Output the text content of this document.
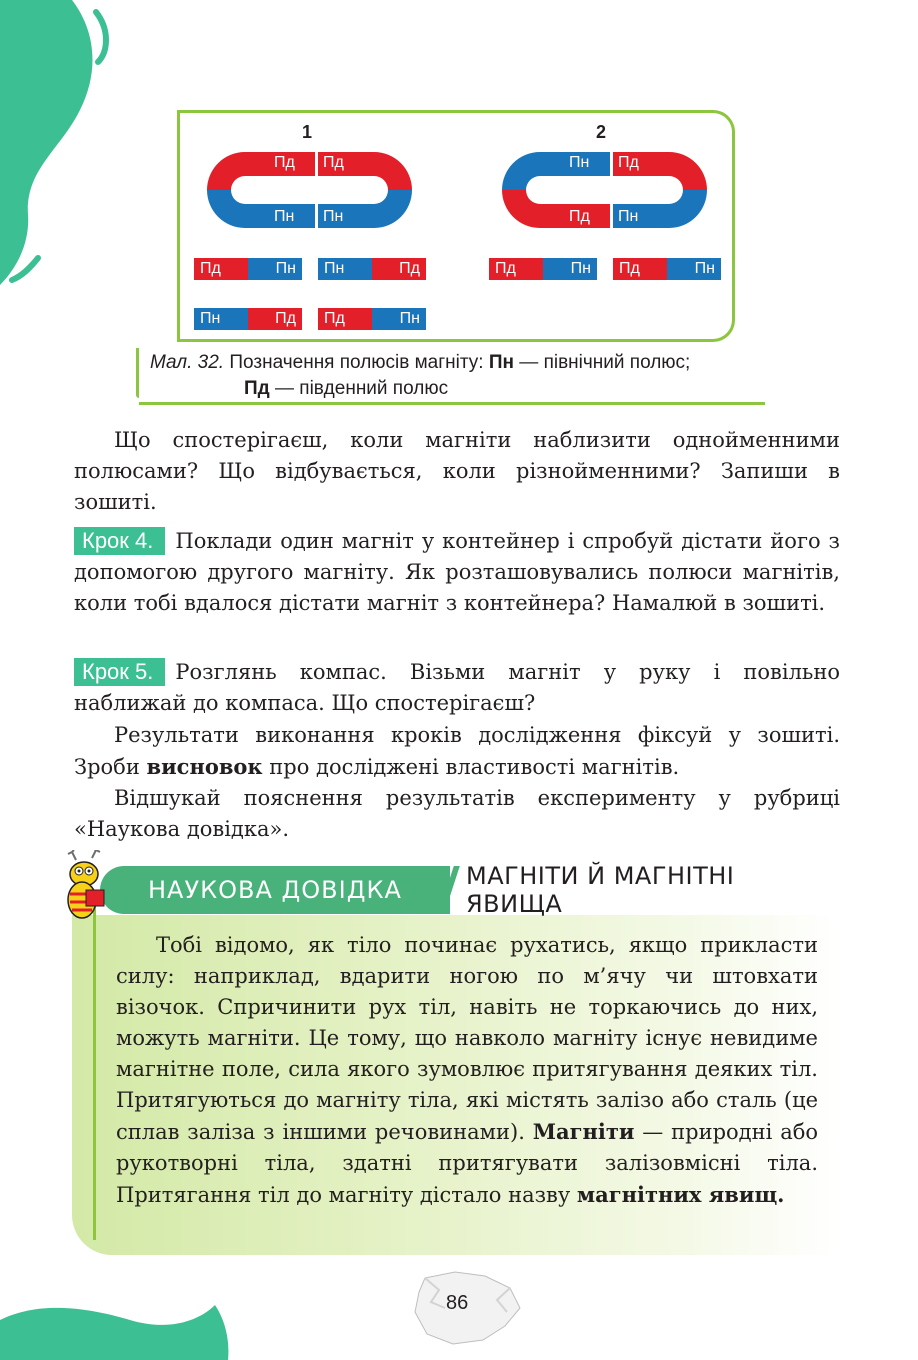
1	2
Пд
Пн
Пд
Пн
Пн
Пд
Пд
Пн
Пд	Пн	Пн	Пд
Пн	Пд	Пд	Пн
Пд	Пн	Пд	Пн
Мал. 32. Позначення полюсів магніту: Пн — північний полюс;
Пд — південний полюс

Що спостерігаєш, коли магніти наблизити однойменними полюсами? Що відбувається, коли різнойменними? Запиши в зошиті.

Крок 4. Поклади один магніт у контейнер і спробуй дістати його з допомогою другого магніту. Як розташовувались полюси магнітів, коли тобі вдалося дістати магніт з контейнера? Намалюй в зошиті.

Крок 5. Розглянь компас. Візьми магніт у руку і повільно наближай до компаса. Що спостерігаєш?

Результати виконання кроків дослідження фіксуй у зошиті. Зроби висновок про досліджені властивості магнітів.

Відшукай пояснення результатів експерименту у рубриці «Наукова довідка».

НАУКОВА ДОВІДКА	МАГНІТИ Й МАГНІТНІ
ЯВИЩА
Тобі відомо, як тіло починає рухатись, якщо прикласти силу: наприклад, вдарити ногою по м’ячу чи штовхати візочок. Спричинити рух тіл, навіть не торкаючись до них, можуть магніти. Це тому, що навколо магніту існує невидиме магнітне поле, сила якого зумовлює притягування деяких тіл. Притягуються до магніту тіла, які містять залізо або сталь (це сплав заліза з іншими речовинами). Магніти — природні або рукотворні тіла, здатні притягувати залізовмісні тіла. Притягання тіл до магніту дістало назву магнітних явищ.
86
